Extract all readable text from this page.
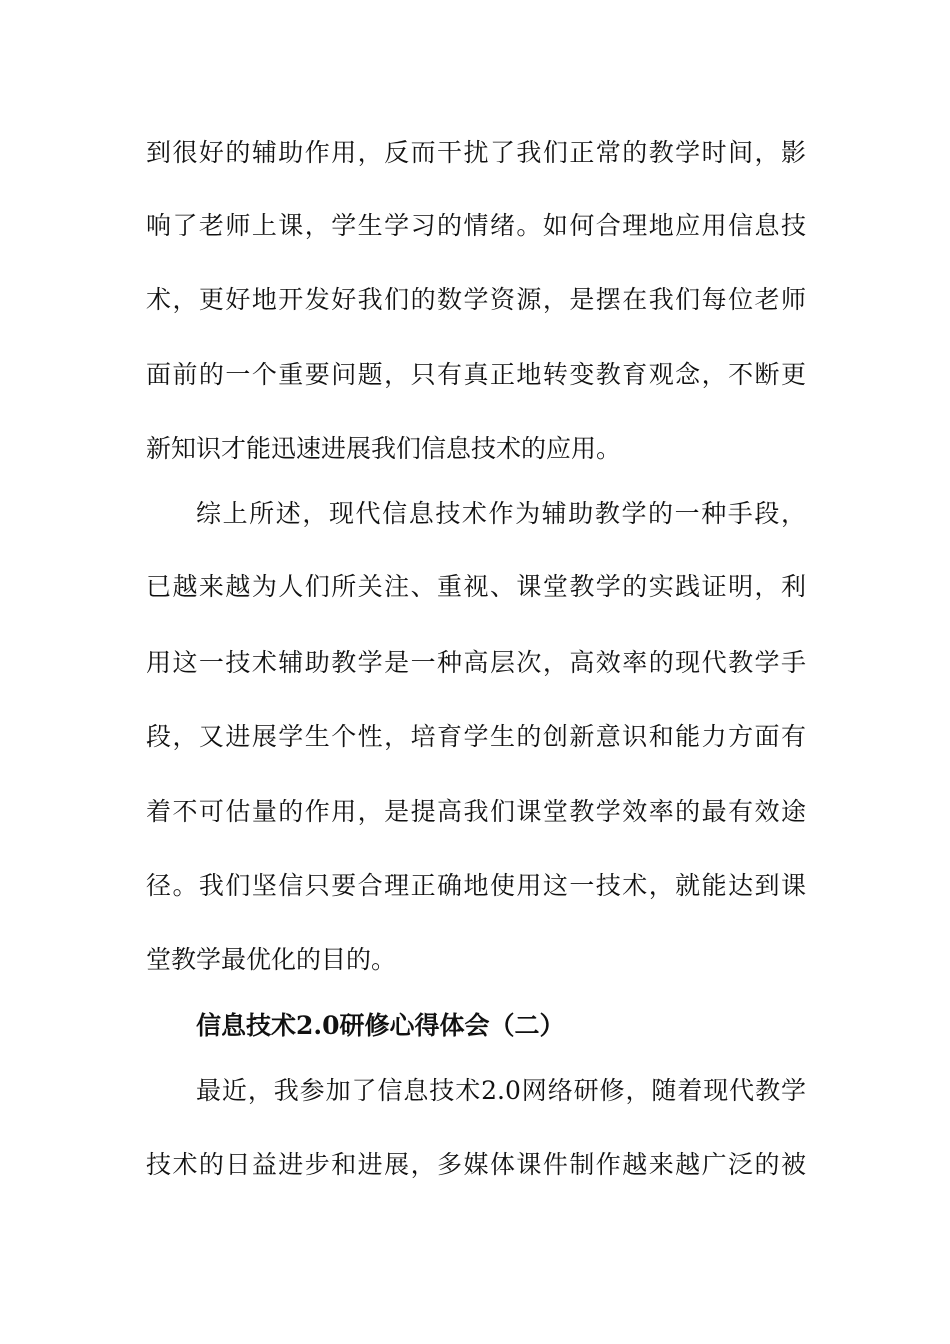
到很好的辅助作用，反而干扰了我们正常的教学时间，影
响了老师上课，学生学习的情绪。如何合理地应用信息技
术，更好地开发好我们的数学资源，是摆在我们每位老师
面前的一个重要问题，只有真正地转变教育观念，不断更
新知识才能迅速进展我们信息技术的应用。
综上所述，现代信息技术作为辅助教学的一种手段，
已越来越为人们所关注、重视、课堂教学的实践证明，利
用这一技术辅助教学是一种高层次，高效率的现代教学手
段，又进展学生个性，培育学生的创新意识和能力方面有
着不可估量的作用，是提高我们课堂教学效率的最有效途
径。我们坚信只要合理正确地使用这一技术，就能达到课
堂教学最优化的目的。
信息技术2.0研修心得体会（二）
最近，我参加了信息技术2.0网络研修，随着现代教学
技术的日益进步和进展，多媒体课件制作越来越广泛的被
